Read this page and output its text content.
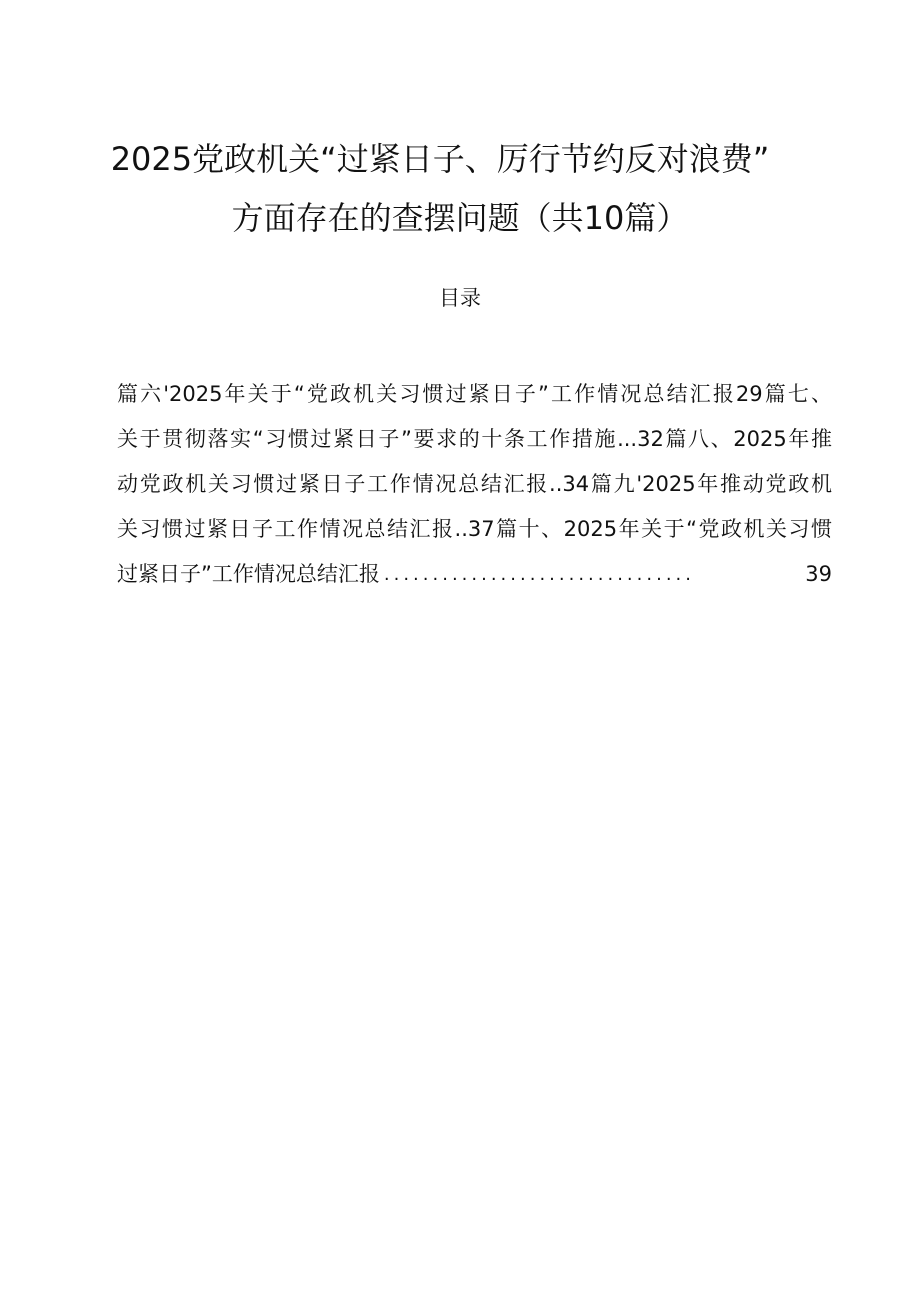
2025党政机关“过紧日子、厉行节约反对浪费”
方面存在的查摆问题（共10篇）
目录
篇六'2025年关于“党政机关习惯过紧日子”工作情况总结汇报29篇七、
关于贯彻落实“习惯过紧日子”要求的十条工作措施...32篇八、2025年推
动党政机关习惯过紧日子工作情况总结汇报..34篇九'2025年推动党政机
关习惯过紧日子工作情况总结汇报..37篇十、2025年关于“党政机关习惯
过紧日子”工作情况总结汇报 ................................	39
